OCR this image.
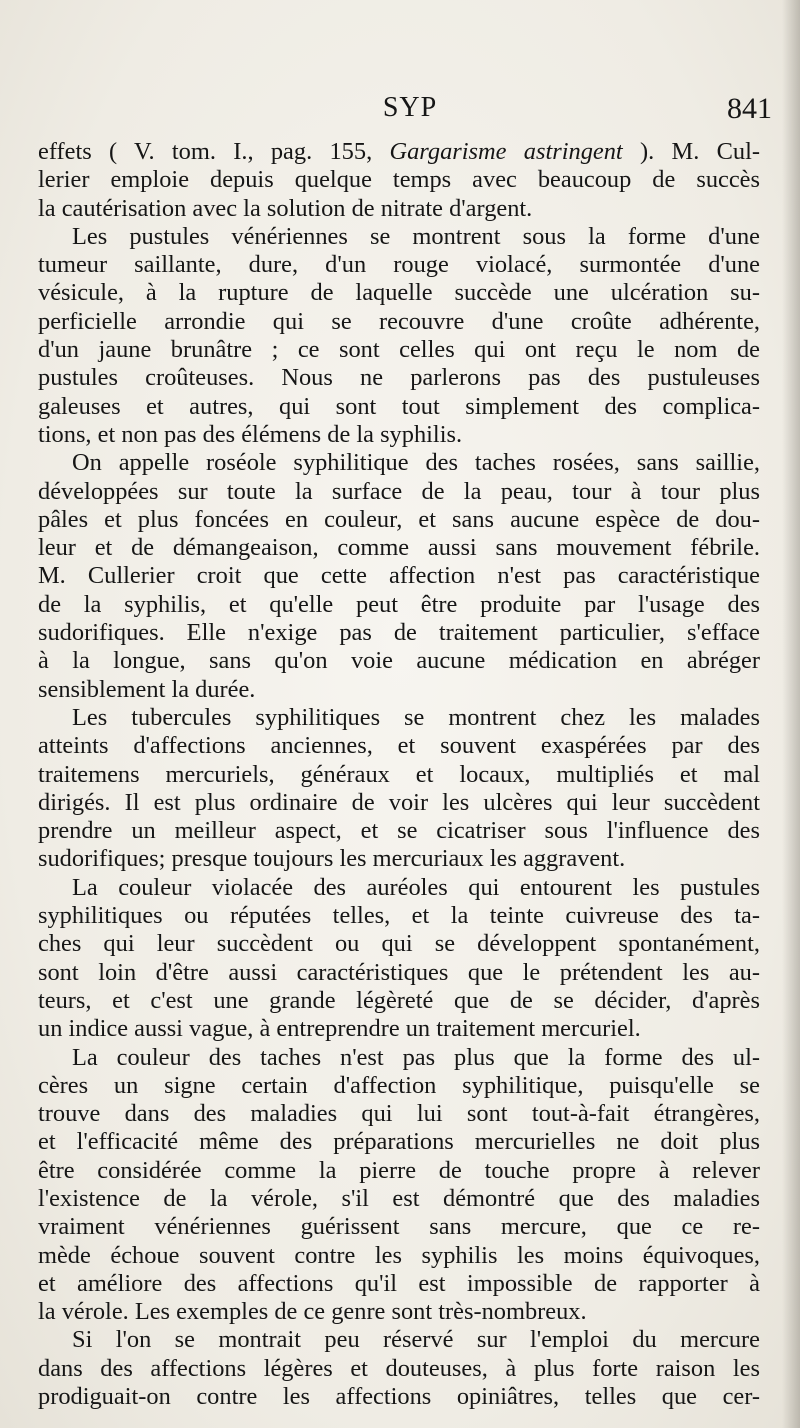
SYP	841
effets ( V. tom. I., pag. 155, Gargarisme astringent ). M. Cul-
lerier emploie depuis quelque temps avec beaucoup de succès
la cautérisation avec la solution de nitrate d'argent.
Les pustules vénériennes se montrent sous la forme d'une
tumeur saillante, dure, d'un rouge violacé, surmontée d'une
vésicule, à la rupture de laquelle succède une ulcération su-
perficielle arrondie qui se recouvre d'une croûte adhérente,
d'un jaune brunâtre ; ce sont celles qui ont reçu le nom de
pustules croûteuses. Nous ne parlerons pas des pustuleuses
galeuses et autres, qui sont tout simplement des complica-
tions, et non pas des élémens de la syphilis.
On appelle roséole syphilitique des taches rosées, sans saillie,
développées sur toute la surface de la peau, tour à tour plus
pâles et plus foncées en couleur, et sans aucune espèce de dou-
leur et de démangeaison, comme aussi sans mouvement fébrile.
M. Cullerier croit que cette affection n'est pas caractéristique
de la syphilis, et qu'elle peut être produite par l'usage des
sudorifiques. Elle n'exige pas de traitement particulier, s'efface
à la longue, sans qu'on voie aucune médication en abréger
sensiblement la durée.
Les tubercules syphilitiques se montrent chez les malades
atteints d'affections anciennes, et souvent exaspérées par des
traitemens mercuriels, généraux et locaux, multipliés et mal
dirigés. Il est plus ordinaire de voir les ulcères qui leur succèdent
prendre un meilleur aspect, et se cicatriser sous l'influence des
sudorifiques; presque toujours les mercuriaux les aggravent.
La couleur violacée des auréoles qui entourent les pustules
syphilitiques ou réputées telles, et la teinte cuivreuse des ta-
ches qui leur succèdent ou qui se développent spontanément,
sont loin d'être aussi caractéristiques que le prétendent les au-
teurs, et c'est une grande légèreté que de se décider, d'après
un indice aussi vague, à entreprendre un traitement mercuriel.
La couleur des taches n'est pas plus que la forme des ul-
cères un signe certain d'affection syphilitique, puisqu'elle se
trouve dans des maladies qui lui sont tout-à-fait étrangères,
et l'efficacité même des préparations mercurielles ne doit plus
être considérée comme la pierre de touche propre à relever
l'existence de la vérole, s'il est démontré que des maladies
vraiment vénériennes guérissent sans mercure, que ce re-
mède échoue souvent contre les syphilis les moins équivoques,
et améliore des affections qu'il est impossible de rapporter à
la vérole. Les exemples de ce genre sont très-nombreux.
Si l'on se montrait peu réservé sur l'emploi du mercure
dans des affections légères et douteuses, à plus forte raison les
prodiguait-on contre les affections opiniâtres, telles que cer-
